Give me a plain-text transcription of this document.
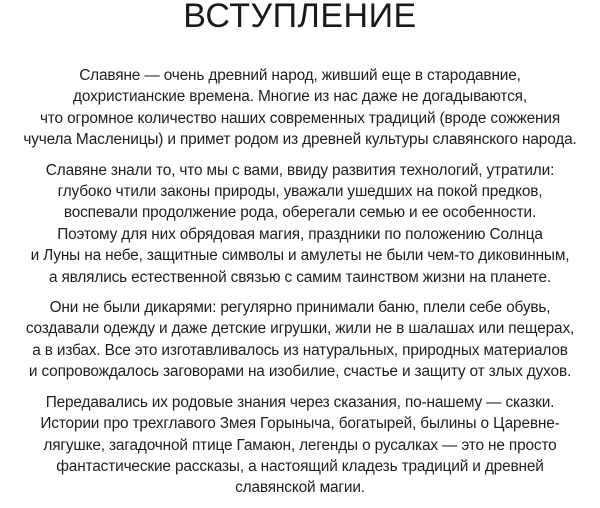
ВСТУПЛЕНИЕ

Славяне — очень древний народ, живший еще в стародавние,
дохристианские времена. Многие из нас даже не догадываются,
что огромное количество наших современных традиций (вроде сожжения
чучела Масленицы) и примет родом из древней культуры славянского народа.

Славяне знали то, что мы с вами, ввиду развития технологий, утратили:
глубоко чтили законы природы, уважали ушедших на покой предков,
воспевали продолжение рода, оберегали семью и ее особенности.
Поэтому для них обрядовая магия, праздники по положению Солнца
и Луны на небе, защитные символы и амулеты не были чем-то диковинным,
а являлись естественной связью с самим таинством жизни на планете.

Они не были дикарями: регулярно принимали баню, плели себе обувь,
создавали одежду и даже детские игрушки, жили не в шалашах или пещерах,
а в избах. Все это изготавливалось из натуральных, природных материалов
и сопровождалось заговорами на изобилие, счастье и защиту от злых духов.

Передавались их родовые знания через сказания, по-нашему — сказки.
Истории про трехглавого Змея Горыныча, богатырей, былины о Царевне-
лягушке, загадочной птице Гамаюн, легенды о русалках — это не просто
фантастические рассказы, а настоящий кладезь традиций и древней
славянской магии.
